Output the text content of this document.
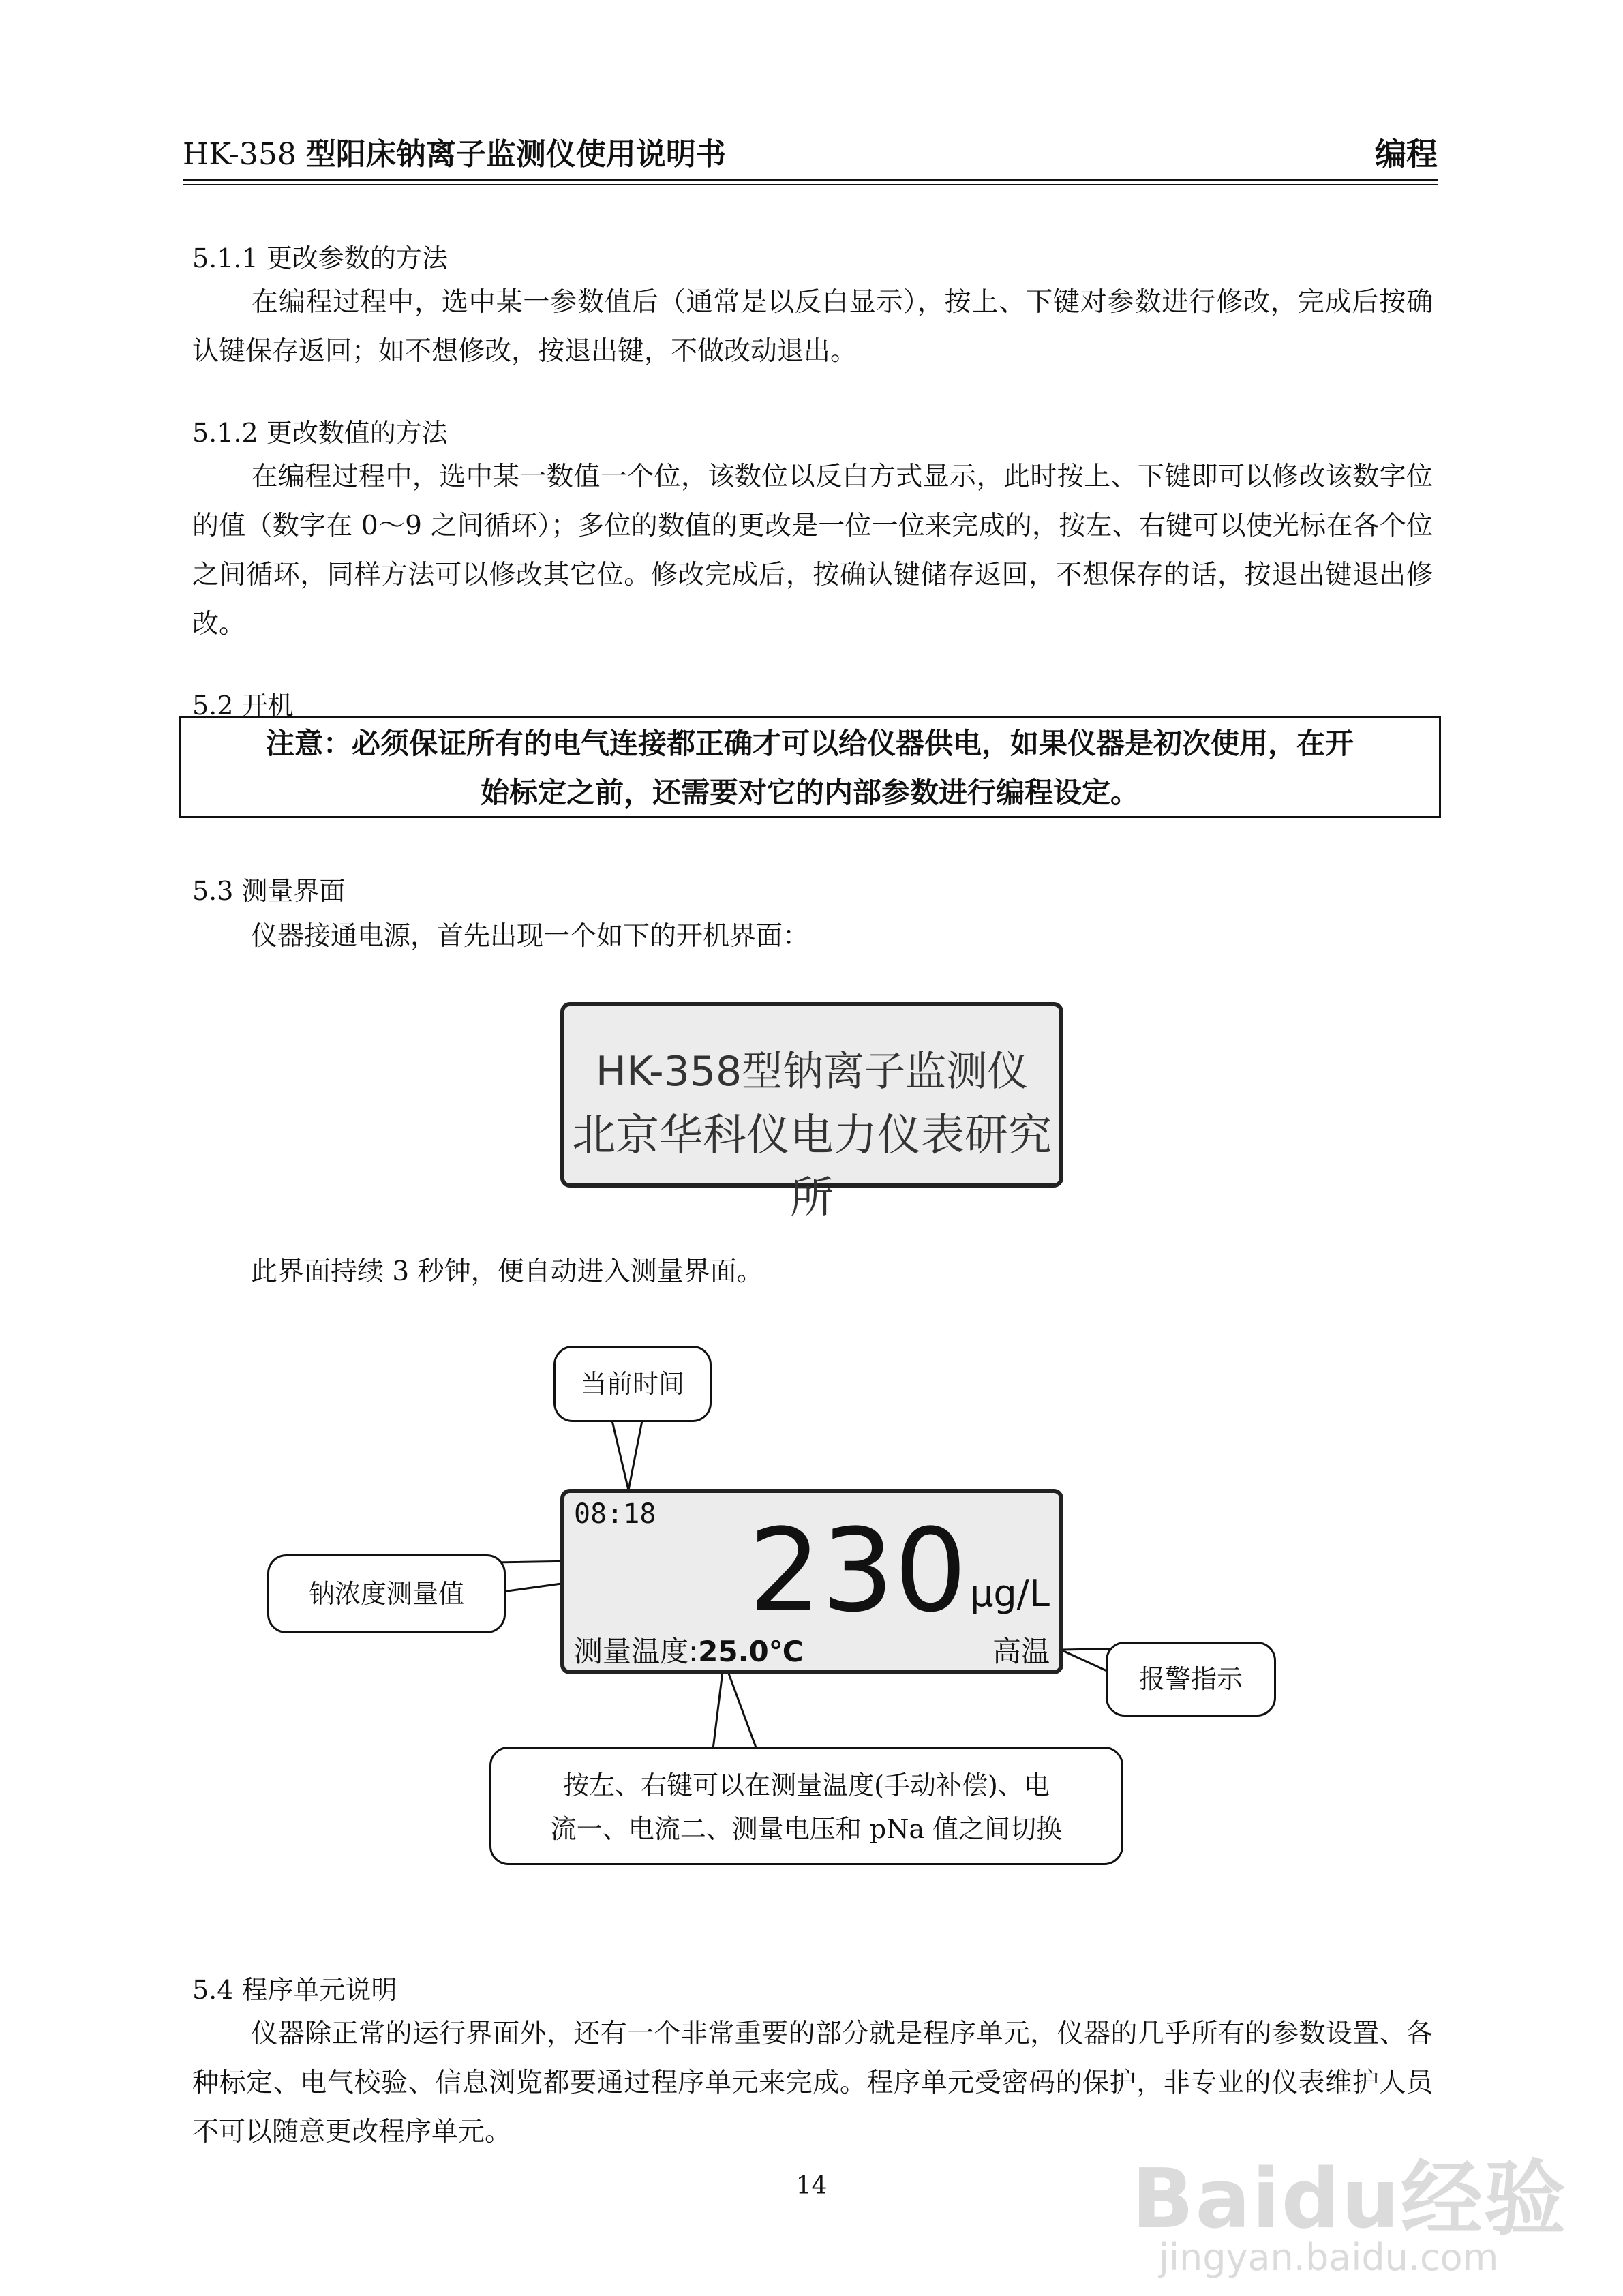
HK-358 型阳床钠离子监测仪使用说明书	编程
5.1.1 更改参数的方法
在编程过程中，选中某一参数值后（通常是以反白显示），按上、下键对参数进行修改，完成后按确认键保存返回；如不想修改，按退出键，不做改动退出。
5.1.2 更改数值的方法
在编程过程中，选中某一数值一个位，该数位以反白方式显示，此时按上、下键即可以修改该数字位的值（数字在 0～9 之间循环）；多位的数值的更改是一位一位来完成的，按左、右键可以使光标在各个位之间循环，同样方法可以修改其它位。修改完成后，按确认键储存返回，不想保存的话，按退出键退出修改。
5.2 开机
注意：必须保证所有的电气连接都正确才可以给仪器供电，如果仪器是初次使用，在开
始标定之前，还需要对它的内部参数进行编程设定。
5.3 测量界面
仪器接通电源，首先出现一个如下的开机界面：
HK-358型钠离子监测仪
北京华科仪电力仪表研究所
此界面持续 3 秒钟，便自动进入测量界面。
08:18 230 μg/L
测量温度:25.0℃	高温
当前时间
钠浓度测量值
报警指示
按左、右键可以在测量温度(手动补偿)、电
流一、电流二、测量电压和 pNa 值之间切换
5.4 程序单元说明
仪器除正常的运行界面外，还有一个非常重要的部分就是程序单元，仪器的几乎所有的参数设置、各种标定、电气校验、信息浏览都要通过程序单元来完成。程序单元受密码的保护，非专业的仪表维护人员不可以随意更改程序单元。
14	Baidu经验
jingyan.baidu.com
